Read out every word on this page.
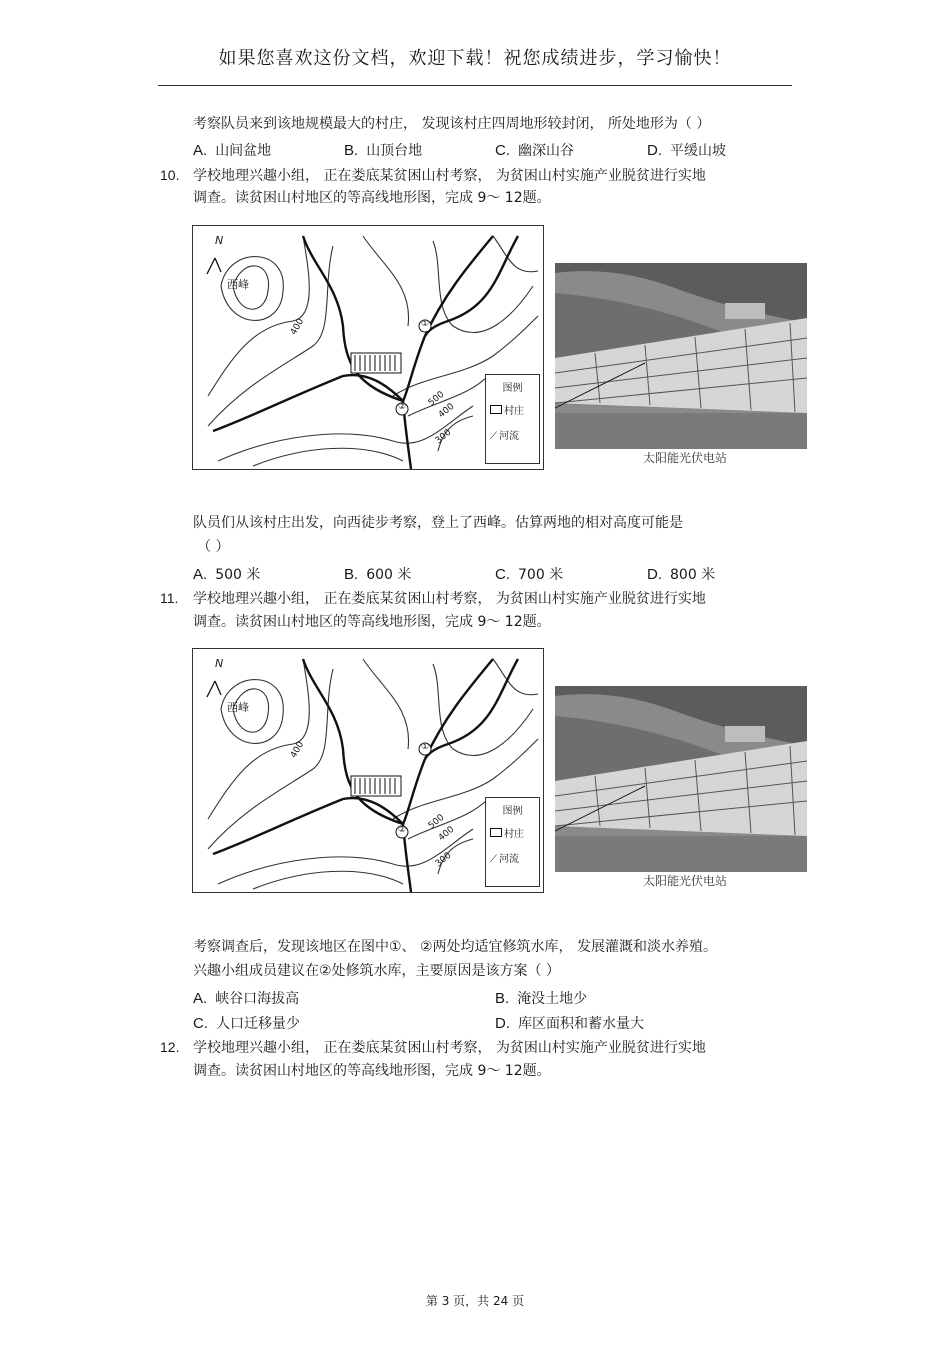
如果您喜欢这份文档，欢迎下载！祝您成绩进步，学习愉快！
考察队员来到该地规模最大的村庄， 发现该村庄四周地形较封闭， 所处地形为（ ）
A. 山间盆地	B. 山顶台地	C. 幽深山谷	D. 平缓山坡
10. 学校地理兴趣小组， 正在娄底某贫困山村考察， 为贫困山村实施产业脱贫进行实地
调查。读贫困山村地区的等高线地形图，完成 9～ 12题。
N
西峰
400
500
400
300
①
②
图例
村庄
⟋ 河流
太阳能光伏电站
队员们从该村庄出发，向西徒步考察，登上了西峰。估算两地的相对高度可能是
（ ）
A. 500 米	B. 600 米	C. 700 米	D. 800 米
11. 学校地理兴趣小组， 正在娄底某贫困山村考察， 为贫困山村实施产业脱贫进行实地
调查。读贫困山村地区的等高线地形图，完成 9～ 12题。
N
西峰
400
500
400
300
①
②
图例
村庄
⟋ 河流
太阳能光伏电站
考察调查后，发现该地区在图中①、 ②两处均适宜修筑水库， 发展灌溉和淡水养殖。
兴趣小组成员建议在②处修筑水库，主要原因是该方案（ ）
A. 峡谷口海拔高	B. 淹没土地少
C. 人口迁移量少	D. 库区面积和蓄水量大
12. 学校地理兴趣小组， 正在娄底某贫困山村考察， 为贫困山村实施产业脱贫进行实地
调查。读贫困山村地区的等高线地形图，完成 9～ 12题。
第 3 页，共 24 页
